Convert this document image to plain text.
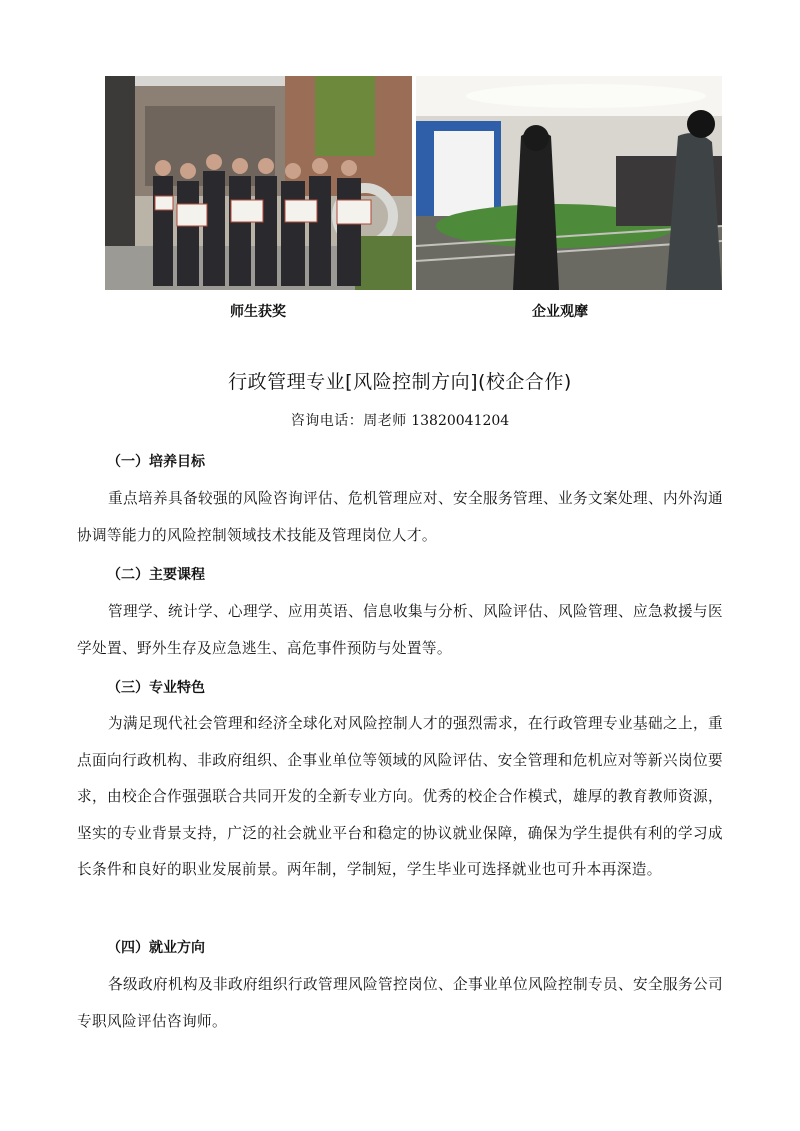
师生获奖	企业观摩
行政管理专业[风险控制方向](校企合作)
咨询电话：周老师 13820041204
（一）培养目标
重点培养具备较强的风险咨询评估、危机管理应对、安全服务管理、业务文案处理、内外沟通协调等能力的风险控制领域技术技能及管理岗位人才。
（二）主要课程
管理学、统计学、心理学、应用英语、信息收集与分析、风险评估、风险管理、应急救援与医学处置、野外生存及应急逃生、高危事件预防与处置等。
（三）专业特色
为满足现代社会管理和经济全球化对风险控制人才的强烈需求，在行政管理专业基础之上，重点面向行政机构、非政府组织、企事业单位等领域的风险评估、安全管理和危机应对等新兴岗位要求，由校企合作强强联合共同开发的全新专业方向。优秀的校企合作模式，雄厚的教育教师资源，坚实的专业背景支持，广泛的社会就业平台和稳定的协议就业保障，确保为学生提供有利的学习成长条件和良好的职业发展前景。两年制，学制短，学生毕业可选择就业也可升本再深造。
（四）就业方向
各级政府机构及非政府组织行政管理风险管控岗位、企事业单位风险控制专员、安全服务公司专职风险评估咨询师。
